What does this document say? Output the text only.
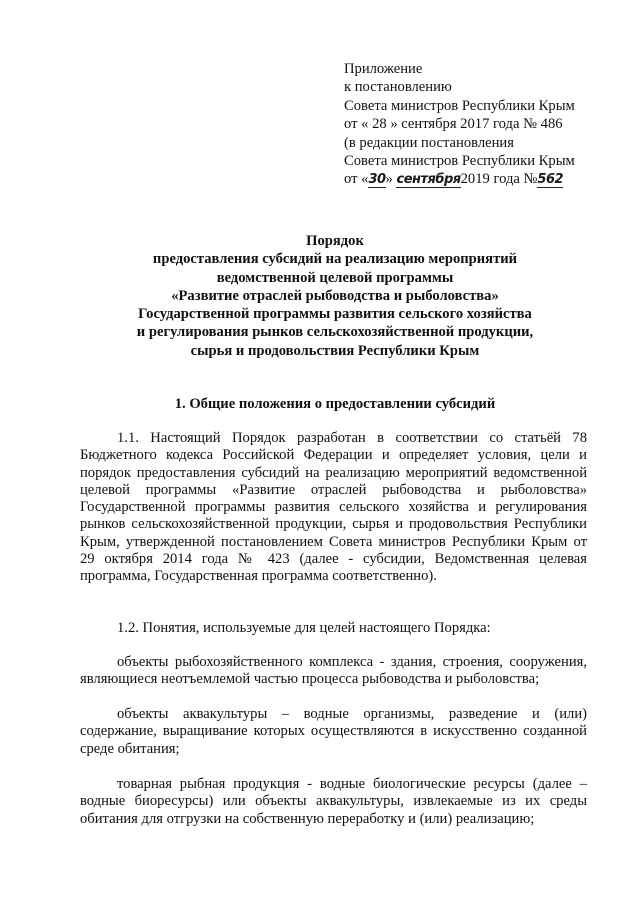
Приложение
к постановлению
Совета министров Республики Крым
от « 28 » сентября 2017 года № 486
(в редакции постановления
Совета министров Республики Крым
от «30» сентября2019 года №562
Порядок
предоставления субсидий на реализацию мероприятий
ведомственной целевой программы
«Развитие отраслей рыбоводства и рыболовства»
Государственной программы развития сельского хозяйства
и регулирования рынков сельскохозяйственной продукции,
сырья и продовольствия Республики Крым
1. Общие положения о предоставлении субсидий

1.1. Настоящий Порядок разработан в соответствии со статьёй 78 Бюджетного кодекса Российской Федерации и определяет условия, цели и порядок предоставления субсидий на реализацию мероприятий ведомственной целевой программы «Развитие отраслей рыбоводства и рыболовства» Государственной программы развития сельского хозяйства и регулирования рынков сельскохозяйственной продукции, сырья и продовольствия Республики Крым, утвержденной постановлением Совета министров Республики Крым от 29 октября 2014 года № 423 (далее - субсидии, Ведомственная целевая программа, Государственная программа соответственно).

1.2. Понятия, используемые для целей настоящего Порядка:

объекты рыбохозяйственного комплекса - здания, строения, сооружения, являющиеся неотъемлемой частью процесса рыбоводства и рыболовства;

объекты аквакультуры – водные организмы, разведение и (или) содержание, выращивание которых осуществляются в искусственно созданной среде обитания;

товарная рыбная продукция - водные биологические ресурсы (далее – водные биоресурсы) или объекты аквакультуры, извлекаемые из их среды обитания для отгрузки на собственную переработку и (или) реализацию;
